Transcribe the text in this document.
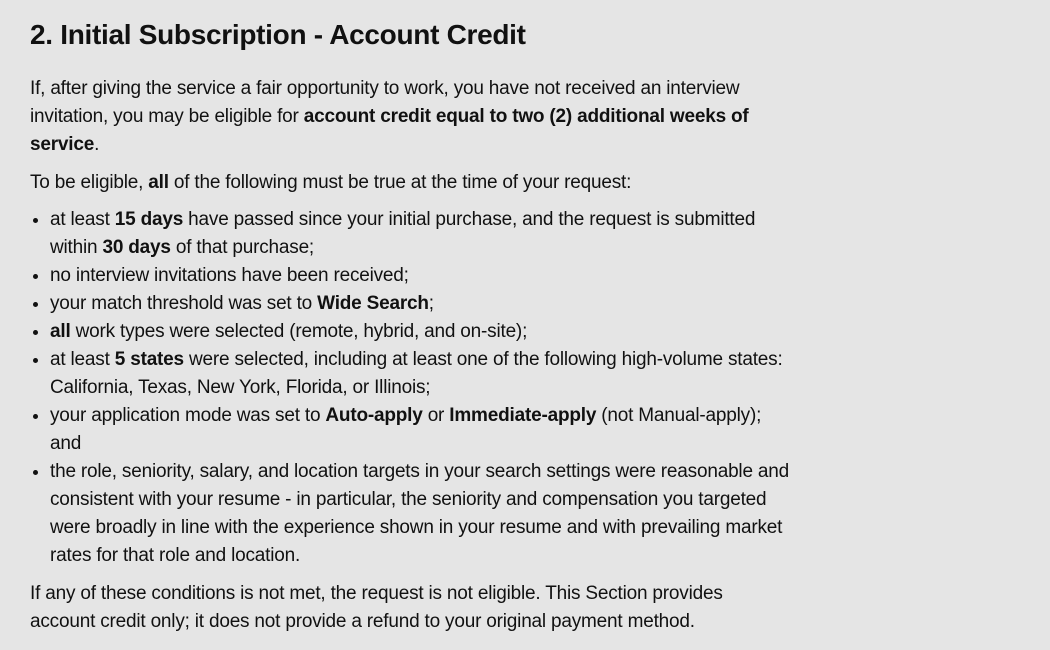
2. Initial Subscription - Account Credit

If, after giving the service a fair opportunity to work, you have not received an interview invitation, you may be eligible for account credit equal to two (2) additional weeks of service.

To be eligible, all of the following must be true at the time of your request:

• at least 15 days have passed since your initial purchase, and the request is submitted within 30 days of that purchase;
• no interview invitations have been received;
• your match threshold was set to Wide Search;
• all work types were selected (remote, hybrid, and on-site);
• at least 5 states were selected, including at least one of the following high-volume states: California, Texas, New York, Florida, or Illinois;
• your application mode was set to Auto-apply or Immediate-apply (not Manual-apply); and
• the role, seniority, salary, and location targets in your search settings were reasonable and consistent with your resume - in particular, the seniority and compensation you targeted were broadly in line with the experience shown in your resume and with prevailing market rates for that role and location.

If any of these conditions is not met, the request is not eligible. This Section provides account credit only; it does not provide a refund to your original payment method.
